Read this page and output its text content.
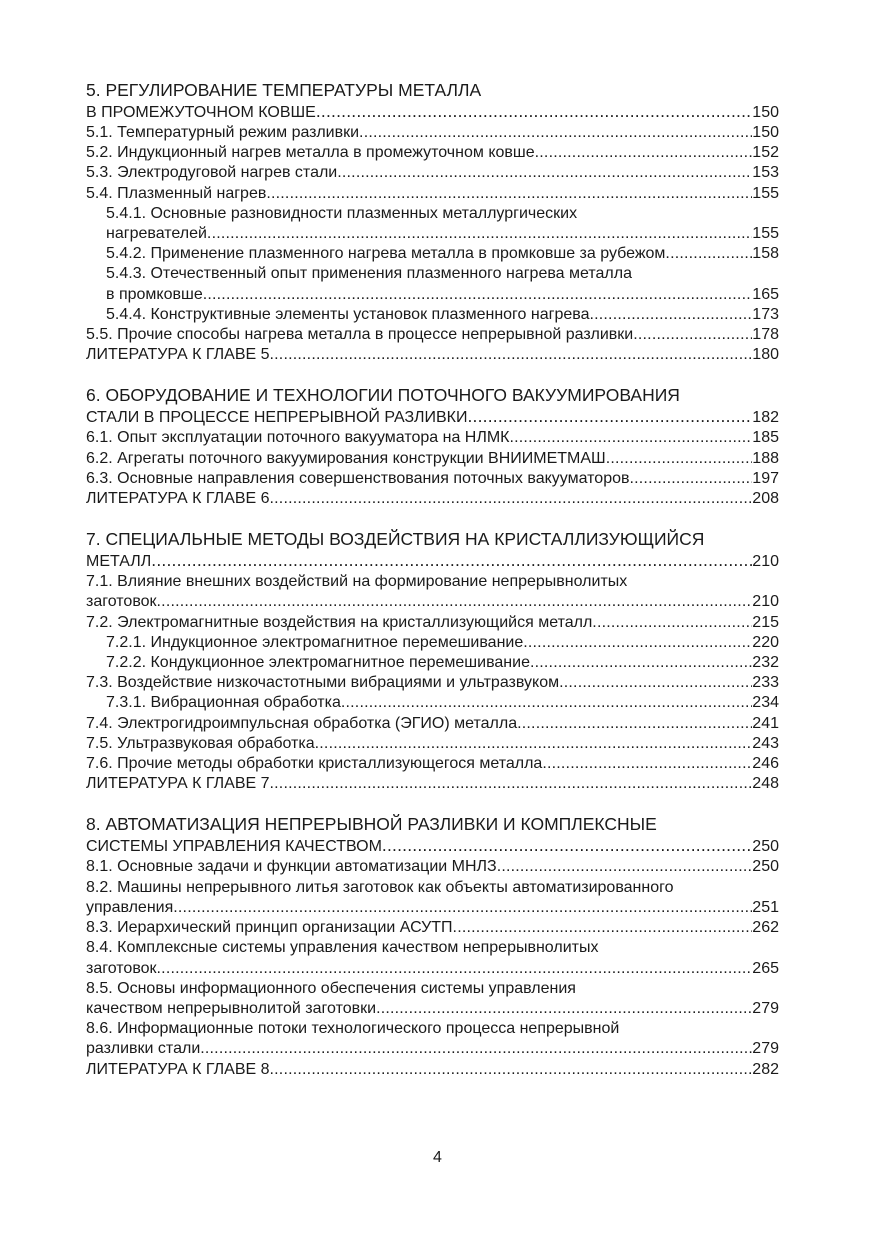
5. РЕГУЛИРОВАНИЕ ТЕМПЕРАТУРЫ МЕТАЛЛА
В ПРОМЕЖУТОЧНОМ КОВШЕ .....	150
5.1. Температурный режим разливки .....	150
5.2. Индукционный нагрев металла в промежуточном ковше .....	152
5.3. Электродуговой нагрев стали .....	153
5.4. Плазменный нагрев .....	155
5.4.1. Основные разновидности плазменных металлургических
нагревателей .....	155
5.4.2. Применение плазменного нагрева металла в промковше за рубежом .....	158
5.4.3. Отечественный опыт применения плазменного нагрева металла
в промковше .....	165
5.4.4. Конструктивные элементы установок плазменного нагрева .....	173
5.5. Прочие способы нагрева металла в процессе непрерывной разливки .....	178
ЛИТЕРАТУРА К ГЛАВЕ 5 .....	180
6. ОБОРУДОВАНИЕ И ТЕХНОЛОГИИ ПОТОЧНОГО ВАКУУМИРОВАНИЯ
СТАЛИ В ПРОЦЕССЕ НЕПРЕРЫВНОЙ РАЗЛИВКИ .....	182
6.1. Опыт эксплуатации поточного вакууматора на НЛМК .....	185
6.2. Агрегаты поточного вакуумирования конструкции ВНИИМЕТМАШ .....	188
6.3. Основные направления совершенствования поточных вакууматоров .....	197
ЛИТЕРАТУРА К ГЛАВЕ 6 .....	208
7. СПЕЦИАЛЬНЫЕ МЕТОДЫ ВОЗДЕЙСТВИЯ НА КРИСТАЛЛИЗУЮЩИЙСЯ
МЕТАЛЛ .....	210
7.1. Влияние внешних воздействий на формирование непрерывнолитых
заготовок .....	210
7.2. Электромагнитные воздействия на кристаллизующийся металл .....	215
7.2.1. Индукционное электромагнитное перемешивание .....	220
7.2.2. Кондукционное электромагнитное перемешивание .....	232
7.3. Воздействие низкочастотными вибрациями и ультразвуком .....	233
7.3.1. Вибрационная обработка .....	234
7.4. Электрогидроимпульсная обработка (ЭГИО) металла .....	241
7.5. Ультразвуковая обработка .....	243
7.6. Прочие методы обработки кристаллизующегося металла .....	246
ЛИТЕРАТУРА К ГЛАВЕ 7 .....	248
8. АВТОМАТИЗАЦИЯ НЕПРЕРЫВНОЙ РАЗЛИВКИ И КОМПЛЕКСНЫЕ
СИСТЕМЫ УПРАВЛЕНИЯ КАЧЕСТВОМ .....	250
8.1. Основные задачи и функции автоматизации МНЛЗ .....	250
8.2. Машины непрерывного литья заготовок как объекты автоматизированного
управления .....	251
8.3. Иерархический принцип организации АСУТП .....	262
8.4. Комплексные системы управления качеством непрерывнолитых
заготовок .....	265
8.5. Основы информационного обеспечения системы управления
качеством непрерывнолитой заготовки .....	279
8.6. Информационные потоки технологического процесса непрерывной
разливки стали .....	279
ЛИТЕРАТУРА К ГЛАВЕ 8 .....	282
4
